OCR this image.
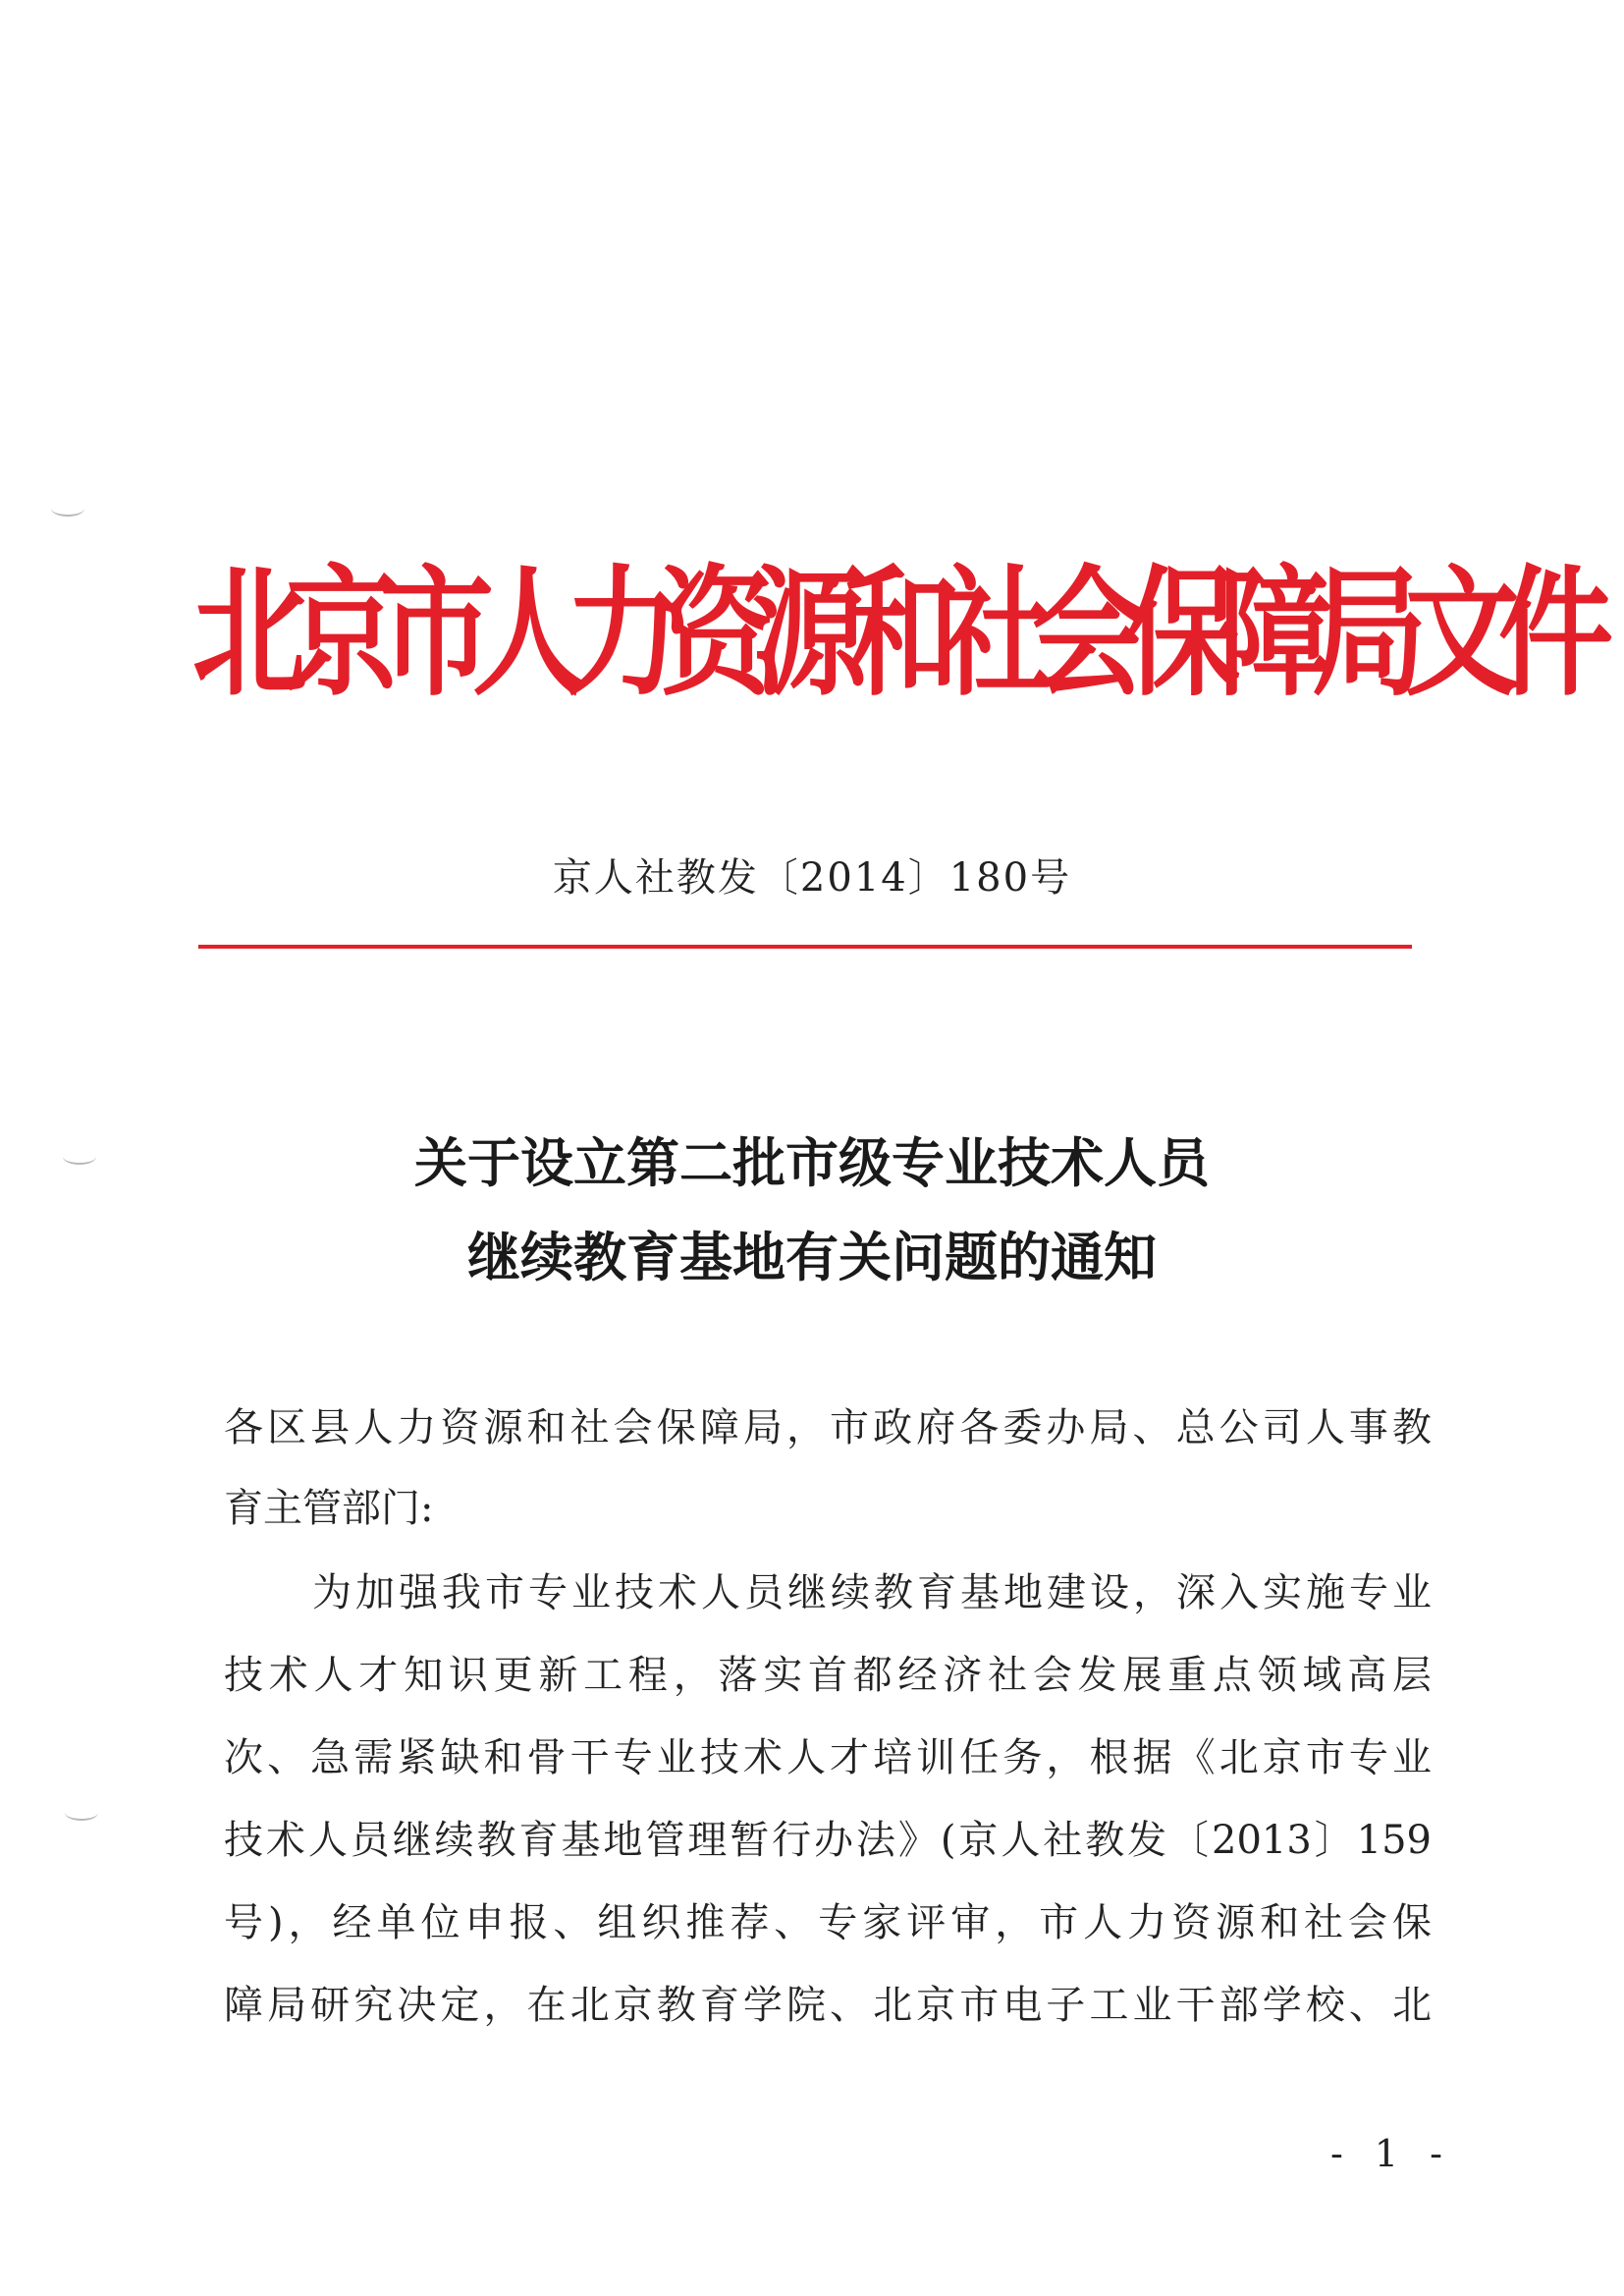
北京市人力资源和社会保障局文件
京人社教发〔2014〕180号
关于设立第二批市级专业技术人员
继续教育基地有关问题的通知
各区县人力资源和社会保障局，市政府各委办局、总公司人事教
育主管部门:
为加强我市专业技术人员继续教育基地建设，深入实施专业
技术人才知识更新工程，落实首都经济社会发展重点领域高层
次、急需紧缺和骨干专业技术人才培训任务，根据《北京市专业
技术人员继续教育基地管理暂行办法》(京人社教发〔2013〕159
号)，经单位申报、组织推荐、专家评审，市人力资源和社会保
障局研究决定，在北京教育学院、北京市电子工业干部学校、北
- 1 -
